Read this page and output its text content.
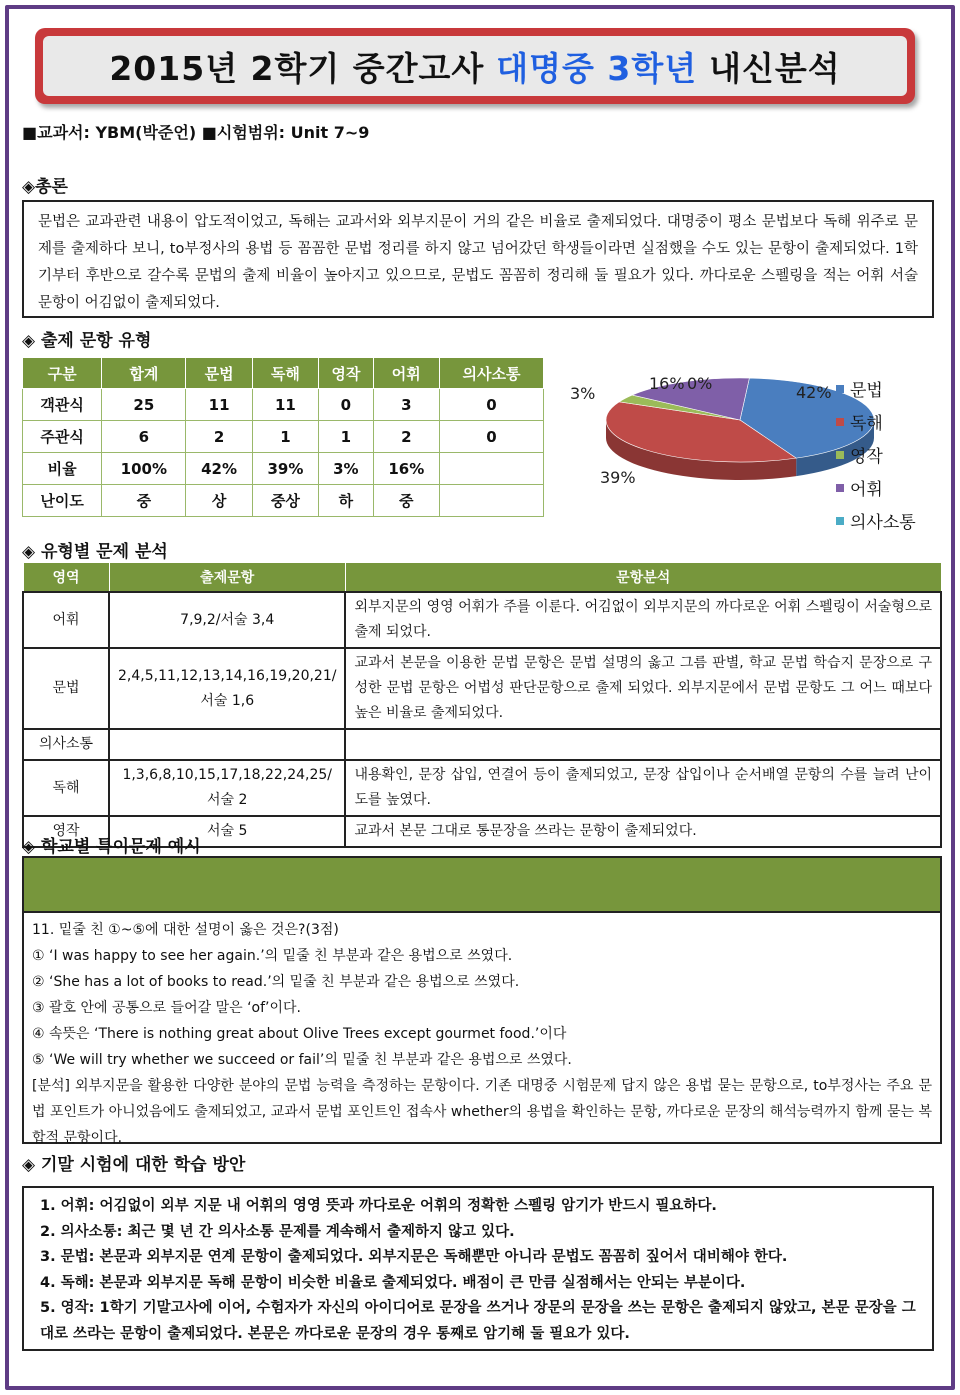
2015년 2학기 중간고사 대명중 3학년 내신분석
■교과서: YBM(박준언) ■시험범위: Unit 7~9
◈총론
문법은 교과관련 내용이 압도적이었고, 독해는 교과서와 외부지문이 거의 같은 비율로 출제되었다. 대명중이 평소 문법보다 독해 위주로 문제를 출제하다 보니, to부정사의 용법 등 꼼꼼한 문법 정리를 하지 않고 넘어갔던 학생들이라면 실점했을 수도 있는 문항이 출제되었다. 1학기부터 후반으로 갈수록 문법의 출제 비율이 높아지고 있으므로, 문법도 꼼꼼히 정리해 둘 필요가 있다. 까다로운 스펠링을 적는 어휘 서술 문항이 어김없이 출제되었다.
◈ 출제 문항 유형
구분	합계	문법	독해	영작	어휘	의사소통
객관식	25	11	11	0	3	0
주관식	6	2	1	1	2	0
비율	100%	42%	39%	3%	16%	
난이도	중	상	중상	하	중	
42%
39%
3%
16% 0%	문법
독해
영작
어휘
의사소통
◈ 유형별 문제 분석
영역	출제문항	문항분석
어휘	7,9,2/서술 3,4	외부지문의 영영 어휘가 주를 이룬다. 어김없이 외부지문의 까다로운 어휘 스펠링이 서술형으로 출제 되었다.
문법	2,4,5,11,12,13,14,16,19,20,21/서술 1,6	교과서 본문을 이용한 문법 문항은 문법 설명의 옳고 그름 판별, 학교 문법 학습지 문장으로 구성한 문법 문항은 어법성 판단문항으로 출제 되었다. 외부지문에서 문법 문항도 그 어느 때보다 높은 비율로 출제되었다.
의사소통		
독해	1,3,6,8,10,15,17,18,22,24,25/서술 2	내용확인, 문장 삽입, 연결어 등이 출제되었고, 문장 삽입이나 순서배열 문항의 수를 늘려 난이도를 높였다.
영작	서술 5	교과서 본문 그대로 통문장을 쓰라는 문항이 출제되었다.
◈ 학교별 특이문제 예시
11. 밑줄 친 ①~⑤에 대한 설명이 옳은 것은?(3점)
① ‘I was happy to see her again.’의 밑줄 친 부분과 같은 용법으로 쓰였다.
② ‘She has a lot of books to read.’의 밑줄 친 부분과 같은 용법으로 쓰였다.
③ 괄호 안에 공통으로 들어갈 말은 ‘of’이다.
④ 속뜻은 ‘There is nothing great about Olive Trees except gourmet food.’이다
⑤ ‘We will try whether we succeed or fail’의 밑줄 친 부분과 같은 용법으로 쓰였다.
[분석] 외부지문을 활용한 다양한 분야의 문법 능력을 측정하는 문항이다. 기존 대명중 시험문제 답지 않은 용법 묻는 문항으로, to부정사는 주요 문법 포인트가 아니었음에도 출제되었고, 교과서 문법 포인트인 접속사 whether의 용법을 확인하는 문항, 까다로운 문장의 해석능력까지 함께 묻는 복합적 문항이다.
◈ 기말 시험에 대한 학습 방안
1. 어휘: 어김없이 외부 지문 내 어휘의 영영 뜻과 까다로운 어휘의 정확한 스펠링 암기가 반드시 필요하다.
2. 의사소통: 최근 몇 년 간 의사소통 문제를 계속해서 출제하지 않고 있다.
3. 문법: 본문과 외부지문 연계 문항이 출제되었다. 외부지문은 독해뿐만 아니라 문법도 꼼꼼히 짚어서 대비해야 한다.
4. 독해: 본문과 외부지문 독해 문항이 비슷한 비율로 출제되었다. 배점이 큰 만큼 실점해서는 안되는 부분이다.
5. 영작: 1학기 기말고사에 이어, 수험자가 자신의 아이디어로 문장을 쓰거나 장문의 문장을 쓰는 문항은 출제되지 않았고, 본문 문장을 그대로 쓰라는 문항이 출제되었다. 본문은 까다로운 문장의 경우 통째로 암기해 둘 필요가 있다.
